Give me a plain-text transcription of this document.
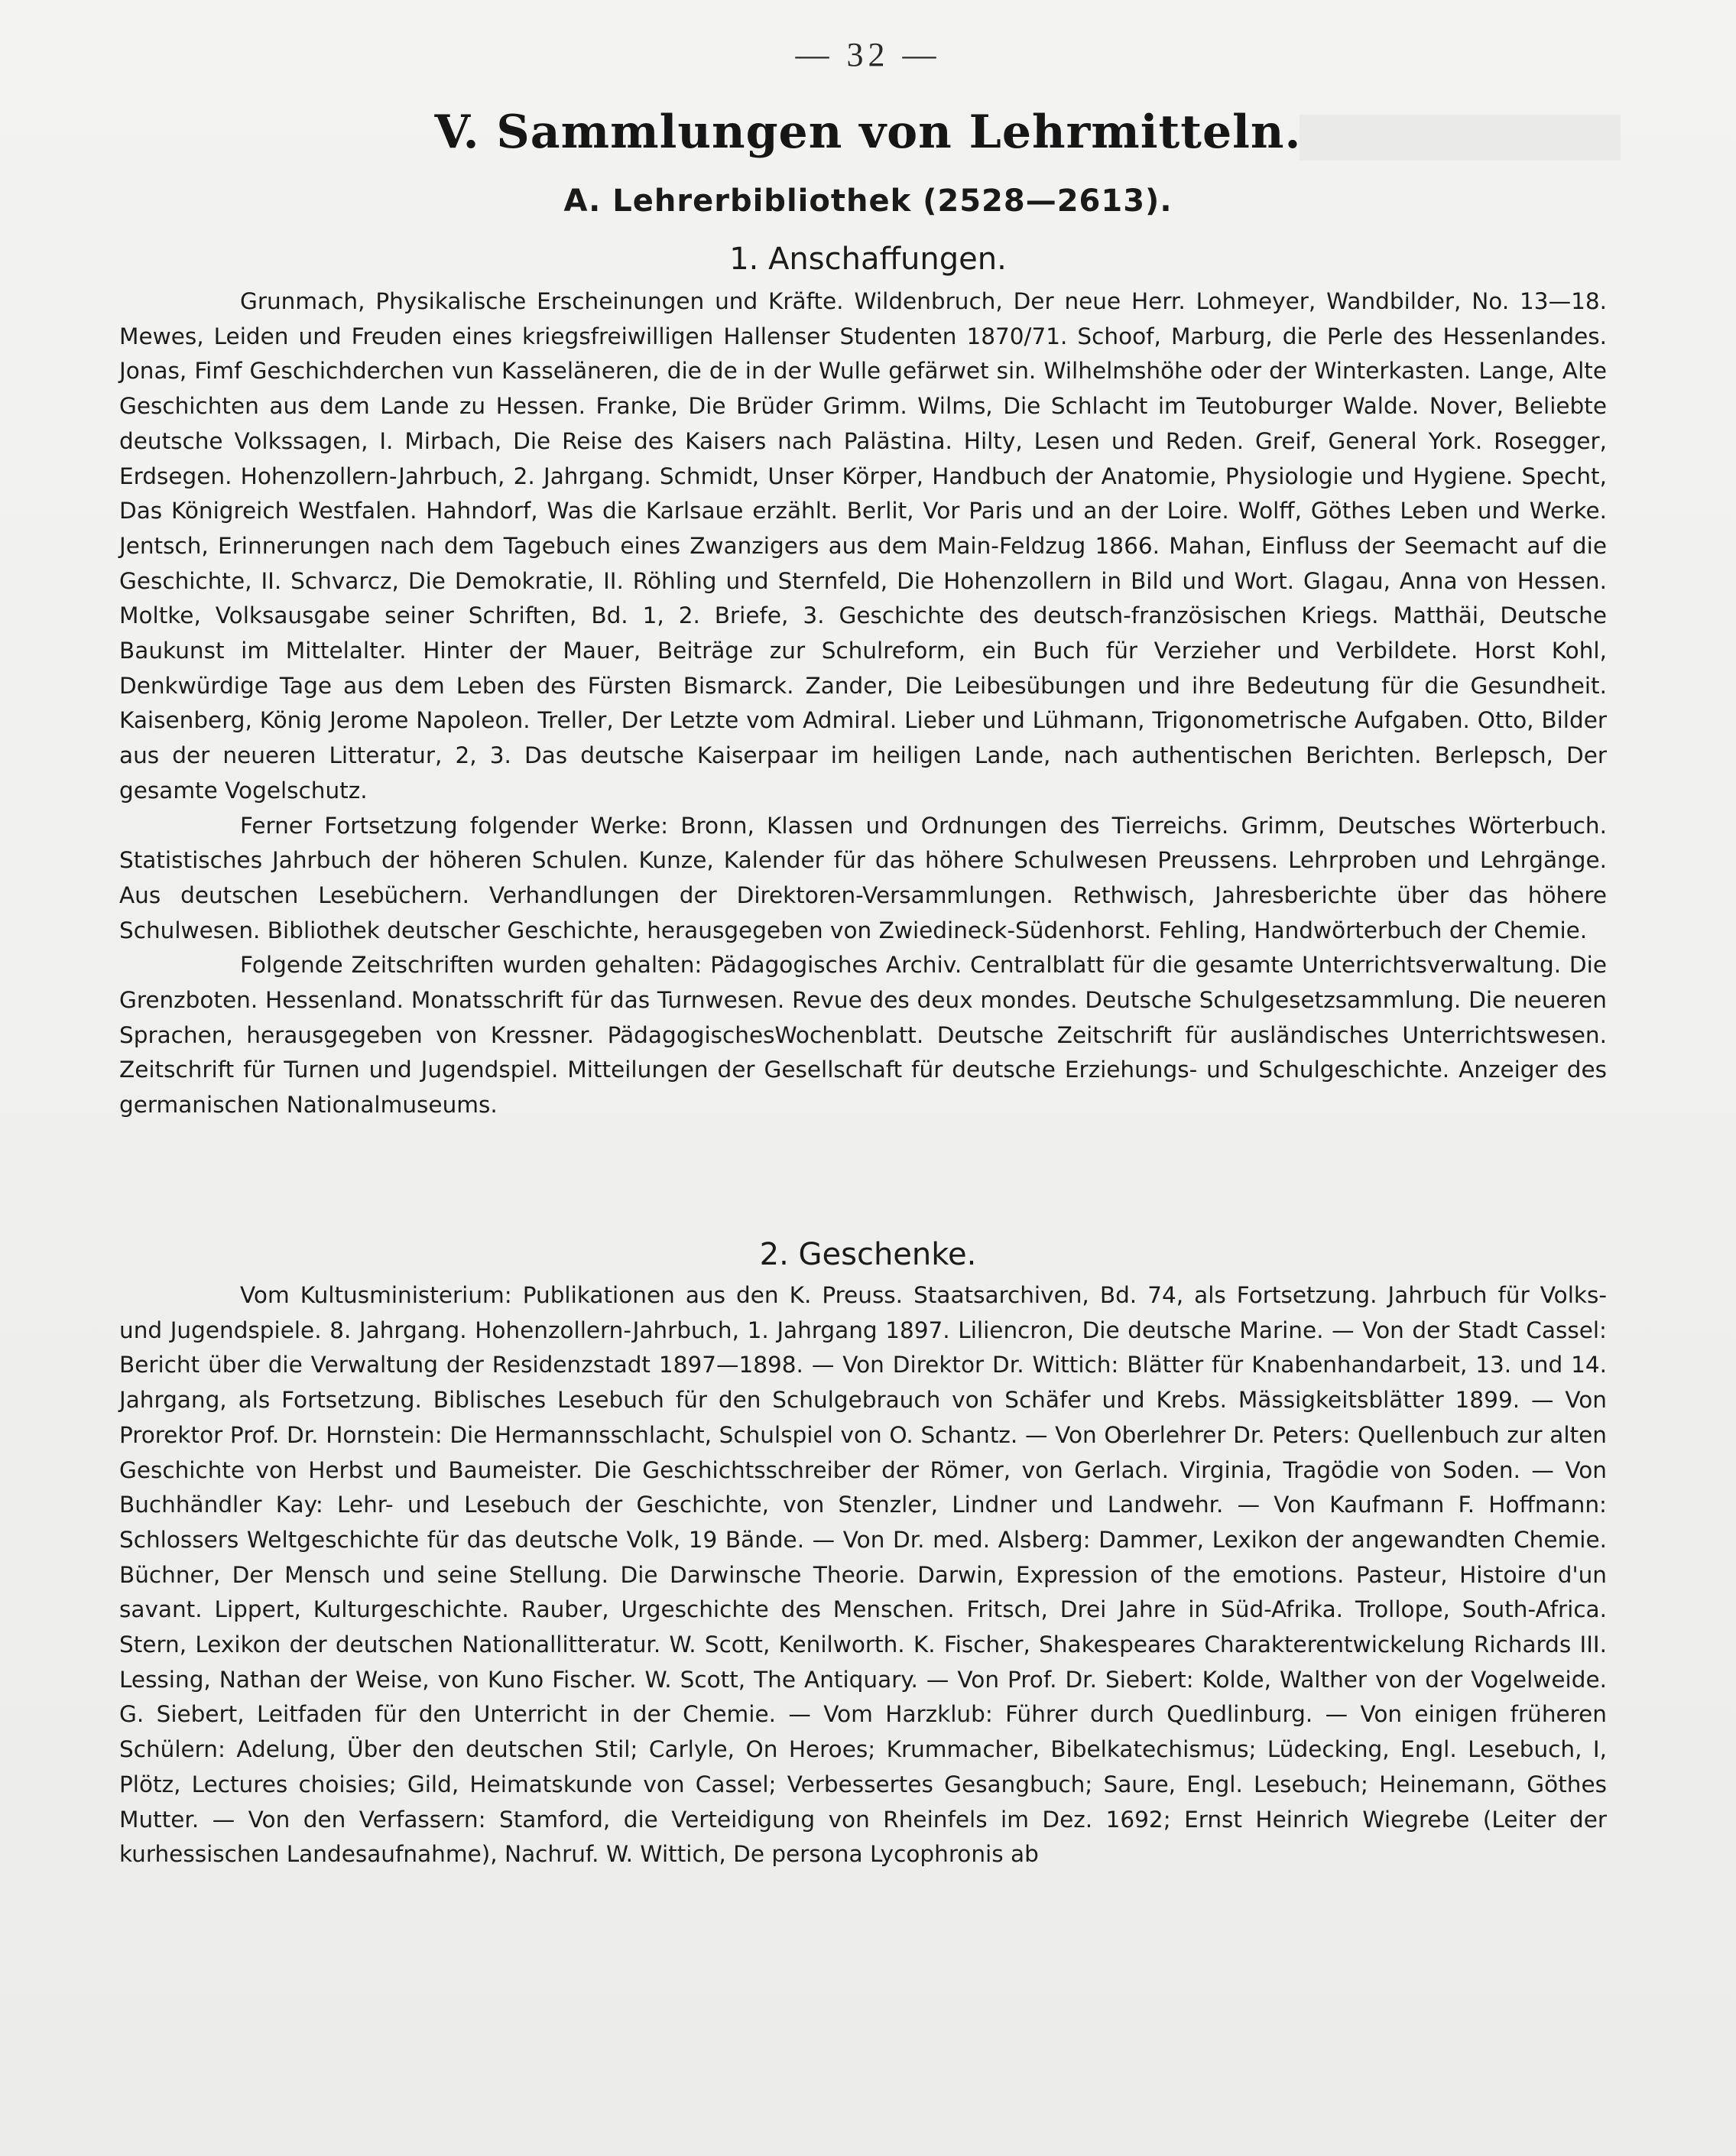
— 32 —
V. Sammlungen von Lehrmitteln.
A. Lehrerbibliothek (2528—2613).
1. Anschaffungen.

Grunmach, Physikalische Erscheinungen und Kräfte. Wildenbruch, Der neue Herr. Lohmeyer, Wandbilder, No. 13—18. Mewes, Leiden und Freuden eines kriegsfreiwilligen Hallenser Studenten 1870/71. Schoof, Marburg, die Perle des Hessenlandes. Jonas, Fimf Geschichderchen vun Kasseläneren, die de in der Wulle gefärwet sin. Wilhelmshöhe oder der Winterkasten. Lange, Alte Geschichten aus dem Lande zu Hessen. Franke, Die Brüder Grimm. Wilms, Die Schlacht im Teutoburger Walde. Nover, Beliebte deutsche Volkssagen, I. Mirbach, Die Reise des Kaisers nach Palästina. Hilty, Lesen und Reden. Greif, General York. Rosegger, Erdsegen. Hohenzollern-Jahrbuch, 2. Jahrgang. Schmidt, Unser Körper, Handbuch der Anatomie, Physiologie und Hygiene. Specht, Das Königreich Westfalen. Hahndorf, Was die Karlsaue erzählt. Berlit, Vor Paris und an der Loire. Wolff, Göthes Leben und Werke. Jentsch, Erinnerungen nach dem Tagebuch eines Zwanzigers aus dem Main-Feldzug 1866. Mahan, Einfluss der Seemacht auf die Geschichte, II. Schvarcz, Die Demokratie, II. Röhling und Sternfeld, Die Hohenzollern in Bild und Wort. Glagau, Anna von Hessen. Moltke, Volksausgabe seiner Schriften, Bd. 1, 2. Briefe, 3. Geschichte des deutsch-französischen Kriegs. Matthäi, Deutsche Baukunst im Mittelalter. Hinter der Mauer, Beiträge zur Schulreform, ein Buch für Verzieher und Verbildete. Horst Kohl, Denkwürdige Tage aus dem Leben des Fürsten Bismarck. Zander, Die Leibesübungen und ihre Bedeutung für die Gesundheit. Kaisenberg, König Jerome Napoleon. Treller, Der Letzte vom Admiral. Lieber und Lühmann, Trigonometrische Aufgaben. Otto, Bilder aus der neueren Litteratur, 2, 3. Das deutsche Kaiserpaar im heiligen Lande, nach authentischen Berichten. Berlepsch, Der gesamte Vogelschutz.

Ferner Fortsetzung folgender Werke: Bronn, Klassen und Ordnungen des Tierreichs. Grimm, Deutsches Wörterbuch. Statistisches Jahrbuch der höheren Schulen. Kunze, Kalender für das höhere Schulwesen Preussens. Lehrproben und Lehrgänge. Aus deutschen Lesebüchern. Verhandlungen der Direktoren-Versammlungen. Rethwisch, Jahresberichte über das höhere Schulwesen. Bibliothek deutscher Geschichte, herausgegeben von Zwiedineck-Südenhorst. Fehling, Handwörterbuch der Chemie.

Folgende Zeitschriften wurden gehalten: Pädagogisches Archiv. Centralblatt für die gesamte Unterrichtsverwaltung. Die Grenzboten. Hessenland. Monatsschrift für das Turnwesen. Revue des deux mondes. Deutsche Schulgesetzsammlung. Die neueren Sprachen, herausgegeben von Kressner. PädagogischesWochenblatt. Deutsche Zeitschrift für ausländisches Unterrichtswesen. Zeitschrift für Turnen und Jugendspiel. Mitteilungen der Gesellschaft für deutsche Erziehungs- und Schulgeschichte. Anzeiger des germanischen Nationalmuseums.

2. Geschenke.

Vom Kultusministerium: Publikationen aus den K. Preuss. Staatsarchiven, Bd. 74, als Fortsetzung. Jahrbuch für Volks- und Jugendspiele. 8. Jahrgang. Hohenzollern-Jahrbuch, 1. Jahrgang 1897. Liliencron, Die deutsche Marine. — Von der Stadt Cassel: Bericht über die Verwaltung der Residenzstadt 1897—1898. — Von Direktor Dr. Wittich: Blätter für Knabenhandarbeit, 13. und 14. Jahrgang, als Fortsetzung. Biblisches Lesebuch für den Schulgebrauch von Schäfer und Krebs. Mässigkeitsblätter 1899. — Von Prorektor Prof. Dr. Hornstein: Die Hermannsschlacht, Schulspiel von O. Schantz. — Von Oberlehrer Dr. Peters: Quellenbuch zur alten Geschichte von Herbst und Baumeister. Die Geschichtsschreiber der Römer, von Gerlach. Virginia, Tragödie von Soden. — Von Buchhändler Kay: Lehr- und Lesebuch der Geschichte, von Stenzler, Lindner und Landwehr. — Von Kaufmann F. Hoffmann: Schlossers Weltgeschichte für das deutsche Volk, 19 Bände. — Von Dr. med. Alsberg: Dammer, Lexikon der angewandten Chemie. Büchner, Der Mensch und seine Stellung. Die Darwinsche Theorie. Darwin, Expression of the emotions. Pasteur, Histoire d'un savant. Lippert, Kulturgeschichte. Rauber, Urgeschichte des Menschen. Fritsch, Drei Jahre in Süd-Afrika. Trollope, South-Africa. Stern, Lexikon der deutschen Nationallitteratur. W. Scott, Kenilworth. K. Fischer, Shakespeares Charakterentwickelung Richards III. Lessing, Nathan der Weise, von Kuno Fischer. W. Scott, The Antiquary. — Von Prof. Dr. Siebert: Kolde, Walther von der Vogelweide. G. Siebert, Leitfaden für den Unterricht in der Chemie. — Vom Harzklub: Führer durch Quedlinburg. — Von einigen früheren Schülern: Adelung, Über den deutschen Stil; Carlyle, On Heroes; Krummacher, Bibelkatechismus; Lüdecking, Engl. Lesebuch, I, Plötz, Lectures choisies; Gild, Heimatskunde von Cassel; Verbessertes Gesangbuch; Saure, Engl. Lesebuch; Heinemann, Göthes Mutter. — Von den Verfassern: Stamford, die Verteidigung von Rheinfels im Dez. 1692; Ernst Heinrich Wiegrebe (Leiter der kurhessischen Landesaufnahme), Nachruf. W. Wittich, De persona Lycophronis ab
